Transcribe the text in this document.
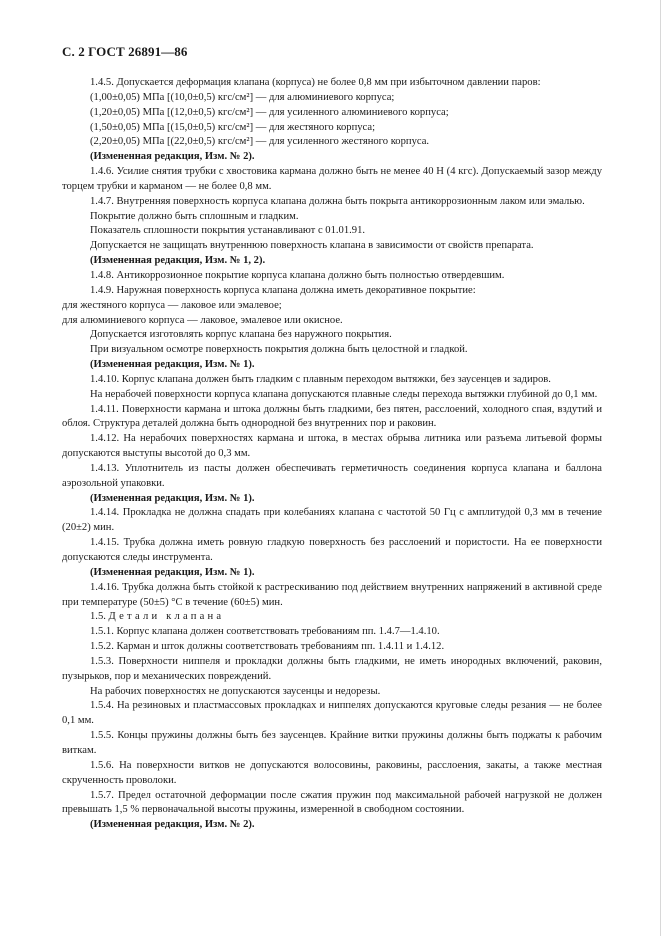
С. 2 ГОСТ 26891—86

1.4.5. Допускается деформация клапана (корпуса) не более 0,8 мм при избыточном давлении паров:

(1,00±0,05) МПа [(10,0±0,5) кгс/см²] — для алюминиевого корпуса;

(1,20±0,05) МПа [(12,0±0,5) кгс/см²] — для усиленного алюминиевого корпуса;

(1,50±0,05) МПа [(15,0±0,5) кгс/см²] — для жестяного корпуса;

(2,20±0,05) МПа [(22,0±0,5) кгс/см²] — для усиленного жестяного корпуса.

(Измененная редакция, Изм. № 2).

1.4.6. Усилие снятия трубки с хвостовика кармана должно быть не менее 40 Н (4 кгс). Допускаемый зазор между торцем трубки и карманом — не более 0,8 мм.

1.4.7. Внутренняя поверхность корпуса клапана должна быть покрыта антикоррозионным лаком или эмалью.

Покрытие должно быть сплошным и гладким.

Показатель сплошности покрытия устанавливают с 01.01.91.

Допускается не защищать внутреннюю поверхность клапана в зависимости от свойств препарата.

(Измененная редакция, Изм. № 1, 2).

1.4.8. Антикоррозионное покрытие корпуса клапана должно быть полностью отвердевшим.

1.4.9. Наружная поверхность корпуса клапана должна иметь декоративное покрытие:

для жестяного корпуса — лаковое или эмалевое;

для алюминиевого корпуса — лаковое, эмалевое или окисное.

Допускается изготовлять корпус клапана без наружного покрытия.

При визуальном осмотре поверхность покрытия должна быть целостной и гладкой.

(Измененная редакция, Изм. № 1).

1.4.10. Корпус клапана должен быть гладким с плавным переходом вытяжки, без заусенцев и задиров.

На нерабочей поверхности корпуса клапана допускаются плавные следы перехода вытяжки глубиной до 0,1 мм.

1.4.11. Поверхности кармана и штока должны быть гладкими, без пятен, расслоений, холодного спая, вздутий и облоя. Структура деталей должна быть однородной без внутренних пор и раковин.

1.4.12. На нерабочих поверхностях кармана и штока, в местах обрыва литника или разъема литьевой формы допускаются выступы высотой до 0,3 мм.

1.4.13. Уплотнитель из пасты должен обеспечивать герметичность соединения корпуса клапана и баллона аэрозольной упаковки.

(Измененная редакция, Изм. № 1).

1.4.14. Прокладка не должна спадать при колебаниях клапана с частотой 50 Гц с амплитудой 0,3 мм в течение (20±2) мин.

1.4.15. Трубка должна иметь ровную гладкую поверхность без расслоений и пористости. На ее поверхности допускаются следы инструмента.

(Измененная редакция, Изм. № 1).

1.4.16. Трубка должна быть стойкой к растрескиванию под действием внутренних напряжений в активной среде при температуре (50±5) °С в течение (60±5) мин.

1.5. Детали клапана

1.5.1. Корпус клапана должен соответствовать требованиям пп. 1.4.7—1.4.10.

1.5.2. Карман и шток должны соответствовать требованиям пп. 1.4.11 и 1.4.12.

1.5.3. Поверхности ниппеля и прокладки должны быть гладкими, не иметь инородных включений, раковин, пузырьков, пор и механических повреждений.

На рабочих поверхностях не допускаются заусенцы и недорезы.

1.5.4. На резиновых и пластмассовых прокладках и ниппелях допускаются круговые следы резания — не более 0,1 мм.

1.5.5. Концы пружины должны быть без заусенцев. Крайние витки пружины должны быть поджаты к рабочим виткам.

1.5.6. На поверхности витков не допускаются волосовины, раковины, расслоения, закаты, а также местная скрученность проволоки.

1.5.7. Предел остаточной деформации после сжатия пружин под максимальной рабочей нагрузкой не должен превышать 1,5 % первоначальной высоты пружины, измеренной в свободном состоянии.

(Измененная редакция, Изм. № 2).
